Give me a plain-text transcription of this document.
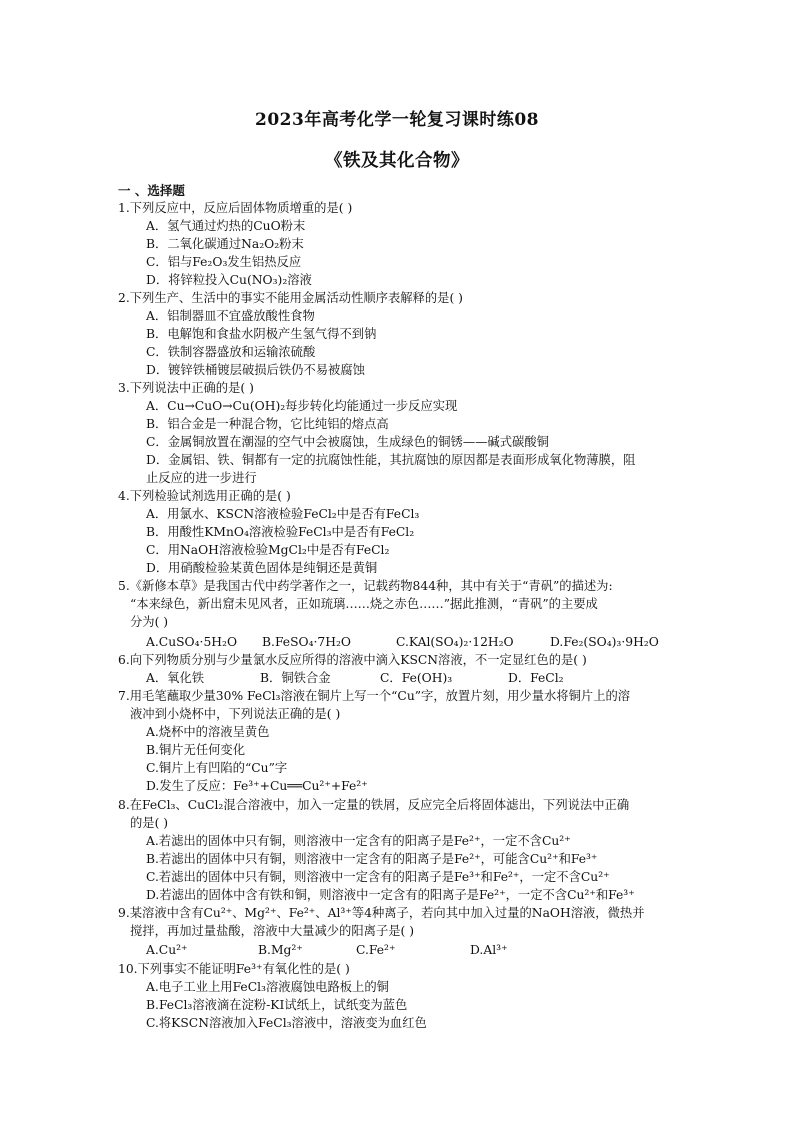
2023年高考化学一轮复习课时练08
《铁及其化合物》
一 、选择题
1.下列反应中，反应后固体物质增重的是( )
A．氢气通过灼热的CuO粉末
B．二氧化碳通过Na₂O₂粉末
C．铝与Fe₂O₃发生铝热反应
D．将锌粒投入Cu(NO₃)₂溶液
2.下列生产、生活中的事实不能用金属活动性顺序表解释的是( )
A．铝制器皿不宜盛放酸性食物
B．电解饱和食盐水阴极产生氢气得不到钠
C．铁制容器盛放和运输浓硫酸
D．镀锌铁桶镀层破损后铁仍不易被腐蚀
3.下列说法中正确的是( )
A．Cu→CuO→Cu(OH)₂每步转化均能通过一步反应实现
B．铝合金是一种混合物，它比纯铝的熔点高
C．金属铜放置在潮湿的空气中会被腐蚀，生成绿色的铜锈——碱式碳酸铜
D．金属铝、铁、铜都有一定的抗腐蚀性能，其抗腐蚀的原因都是表面形成氧化物薄膜，阻
止反应的进一步进行
4.下列检验试剂选用正确的是( )
A．用氯水、KSCN溶液检验FeCl₂中是否有FeCl₃
B．用酸性KMnO₄溶液检验FeCl₃中是否有FeCl₂
C．用NaOH溶液检验MgCl₂中是否有FeCl₂
D．用硝酸检验某黄色固体是纯铜还是黄铜
5.《新修本草》是我国古代中药学著作之一，记载药物844种，其中有关于“青矾”的描述为:
“本来绿色，新出窟未见风者，正如琉璃……烧之赤色……”据此推测，“青矾”的主要成
分为( )
A.CuSO₄·5H₂O B.FeSO₄·7H₂O	C.KAl(SO₄)₂·12H₂O	D.Fe₂(SO₄)₃·9H₂O
6.向下列物质分别与少量氯水反应所得的溶液中滴入KSCN溶液，不一定显红色的是( )
A．氧化铁	B．铜铁合金	C．Fe(OH)₃	D．FeCl₂
7.用毛笔蘸取少量30% FeCl₃溶液在铜片上写一个“Cu”字，放置片刻，用少量水将铜片上的溶
液冲到小烧杯中，下列说法正确的是( )
A.烧杯中的溶液呈黄色
B.铜片无任何变化
C.铜片上有凹陷的“Cu”字
D.发生了反应：Fe³⁺+Cu══Cu²⁺+Fe²⁺
8.在FeCl₃、CuCl₂混合溶液中，加入一定量的铁屑，反应完全后将固体滤出，下列说法中正确
的是( )
A.若滤出的固体中只有铜，则溶液中一定含有的阳离子是Fe²⁺，一定不含Cu²⁺
B.若滤出的固体中只有铜，则溶液中一定含有的阳离子是Fe²⁺，可能含Cu²⁺和Fe³⁺
C.若滤出的固体中只有铜，则溶液中一定含有的阳离子是Fe³⁺和Fe²⁺，一定不含Cu²⁺
D.若滤出的固体中含有铁和铜，则溶液中一定含有的阳离子是Fe²⁺，一定不含Cu²⁺和Fe³⁺
9.某溶液中含有Cu²⁺、Mg²⁺、Fe²⁺、Al³⁺等4种离子，若向其中加入过量的NaOH溶液，微热并
搅拌，再加过量盐酸，溶液中大量减少的阳离子是( )
A.Cu²⁺	B.Mg²⁺	C.Fe²⁺	D.Al³⁺
10.下列事实不能证明Fe³⁺有氧化性的是( )
A.电子工业上用FeCl₃溶液腐蚀电路板上的铜
B.FeCl₃溶液滴在淀粉-KI试纸上，试纸变为蓝色
C.将KSCN溶液加入FeCl₃溶液中，溶液变为血红色
